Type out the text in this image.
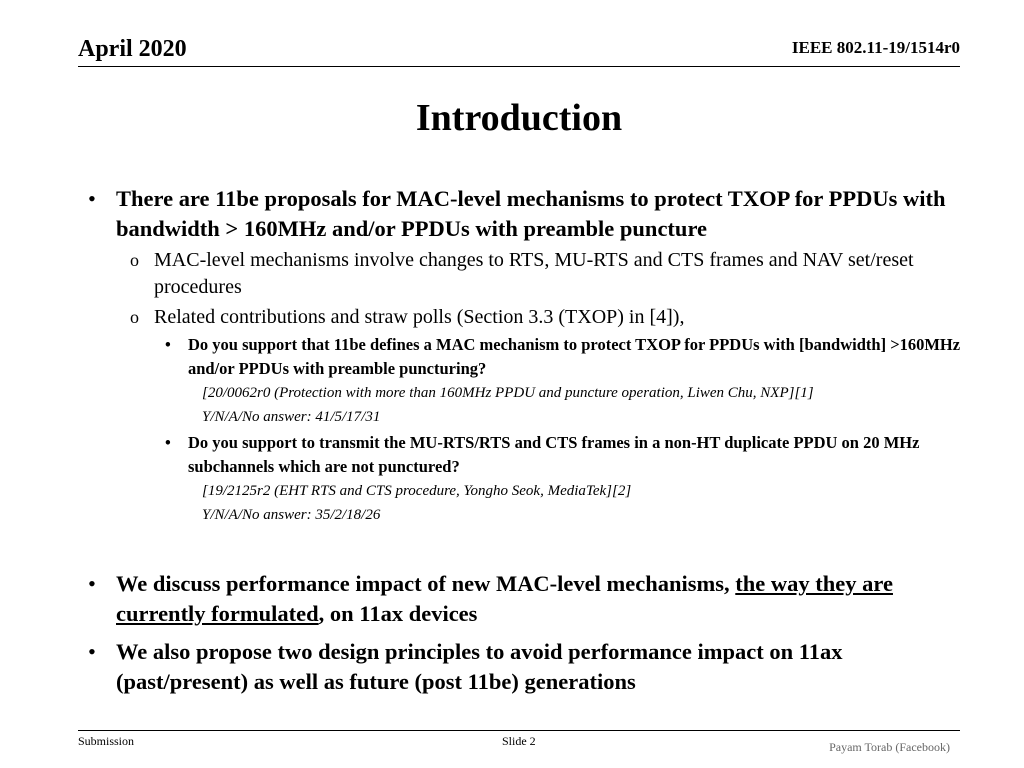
April 2020	IEEE 802.11-19/1514r0
Introduction
• There are 11be proposals for MAC-level mechanisms to protect TXOP for PPDUs with bandwidth > 160MHz and/or PPDUs with preamble puncture
o MAC-level mechanisms involve changes to RTS, MU-RTS and CTS frames and NAV set/reset procedures
o Related contributions and straw polls (Section 3.3 (TXOP) in [4]),
• Do you support that 11be defines a MAC mechanism to protect TXOP for PPDUs with [bandwidth] >160MHz and/or PPDUs with preamble puncturing?
[20/0062r0 (Protection with more than 160MHz PPDU and puncture operation, Liwen Chu, NXP][1]
Y/N/A/No answer: 41/5/17/31
• Do you support to transmit the MU-RTS/RTS and CTS frames in a non-HT duplicate PPDU on 20 MHz subchannels which are not punctured?
[19/2125r2 (EHT RTS and CTS procedure, Yongho Seok, MediaTek][2]
Y/N/A/No answer: 35/2/18/26
• We discuss performance impact of new MAC-level mechanisms, the way they are currently formulated, on 11ax devices
• We also propose two design principles to avoid performance impact on 11ax (past/present) as well as future (post 11be) generations
Submission	Slide 2	Payam Torab (Facebook)
